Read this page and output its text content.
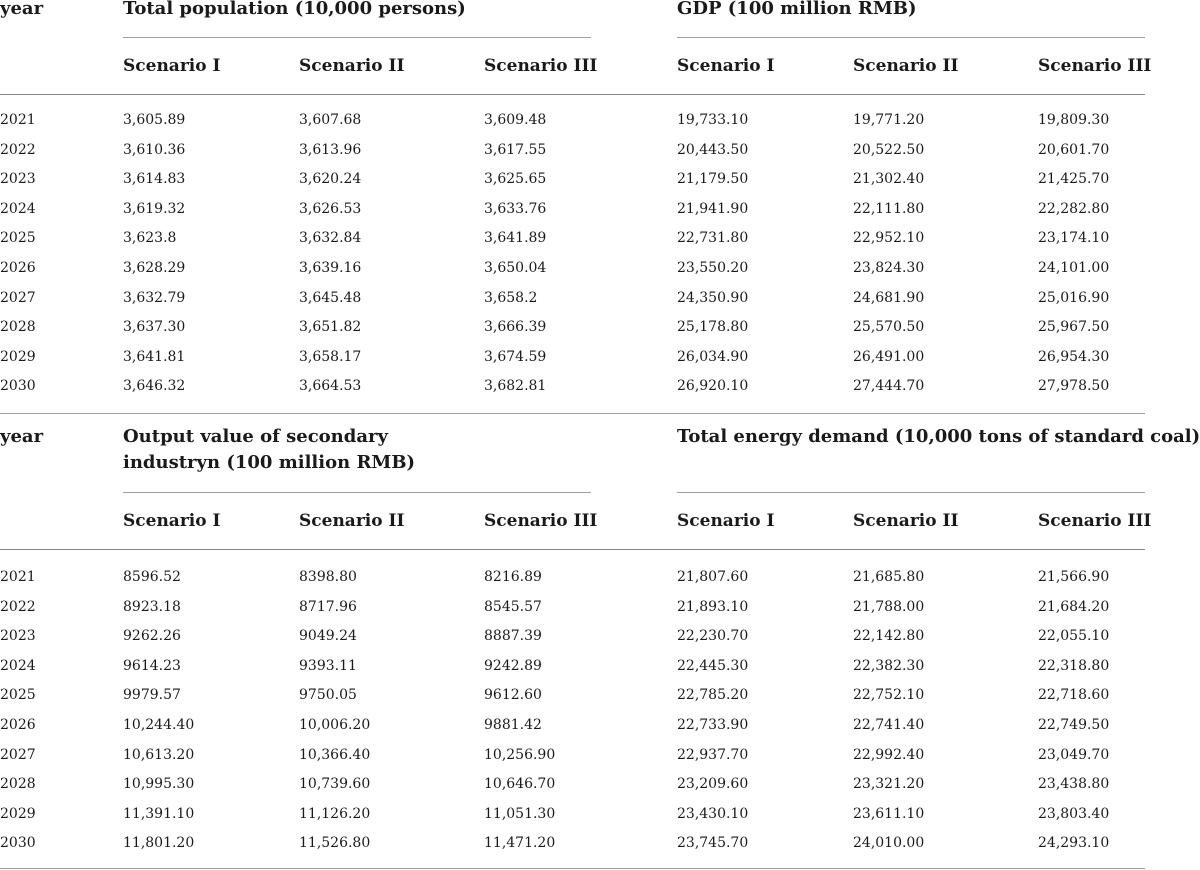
year	Total population (10,000 persons)	GDP (100 million RMB)
Scenario I	Scenario II	Scenario III	Scenario I	Scenario II	Scenario III
2021	3,605.89	3,607.68	3,609.48	19,733.10	19,771.20	19,809.30
2022	3,610.36	3,613.96	3,617.55	20,443.50	20,522.50	20,601.70
2023	3,614.83	3,620.24	3,625.65	21,179.50	21,302.40	21,425.70
2024	3,619.32	3,626.53	3,633.76	21,941.90	22,111.80	22,282.80
2025	3,623.8	3,632.84	3,641.89	22,731.80	22,952.10	23,174.10
2026	3,628.29	3,639.16	3,650.04	23,550.20	23,824.30	24,101.00
2027	3,632.79	3,645.48	3,658.2	24,350.90	24,681.90	25,016.90
2028	3,637.30	3,651.82	3,666.39	25,178.80	25,570.50	25,967.50
2029	3,641.81	3,658.17	3,674.59	26,034.90	26,491.00	26,954.30
2030	3,646.32	3,664.53	3,682.81	26,920.10	27,444.70	27,978.50
year	Output value of secondary industryn (100 million RMB)
Total energy demand (10,000 tons of standard coal)
Scenario I	Scenario II	Scenario III	Scenario I	Scenario II	Scenario III
2021	8596.52	8398.80	8216.89	21,807.60	21,685.80	21,566.90
2022	8923.18	8717.96	8545.57	21,893.10	21,788.00	21,684.20
2023	9262.26	9049.24	8887.39	22,230.70	22,142.80	22,055.10
2024	9614.23	9393.11	9242.89	22,445.30	22,382.30	22,318.80
2025	9979.57	9750.05	9612.60	22,785.20	22,752.10	22,718.60
2026	10,244.40	10,006.20	9881.42	22,733.90	22,741.40	22,749.50
2027	10,613.20	10,366.40	10,256.90	22,937.70	22,992.40	23,049.70
2028	10,995.30	10,739.60	10,646.70	23,209.60	23,321.20	23,438.80
2029	11,391.10	11,126.20	11,051.30	23,430.10	23,611.10	23,803.40
2030	11,801.20	11,526.80	11,471.20	23,745.70	24,010.00	24,293.10
